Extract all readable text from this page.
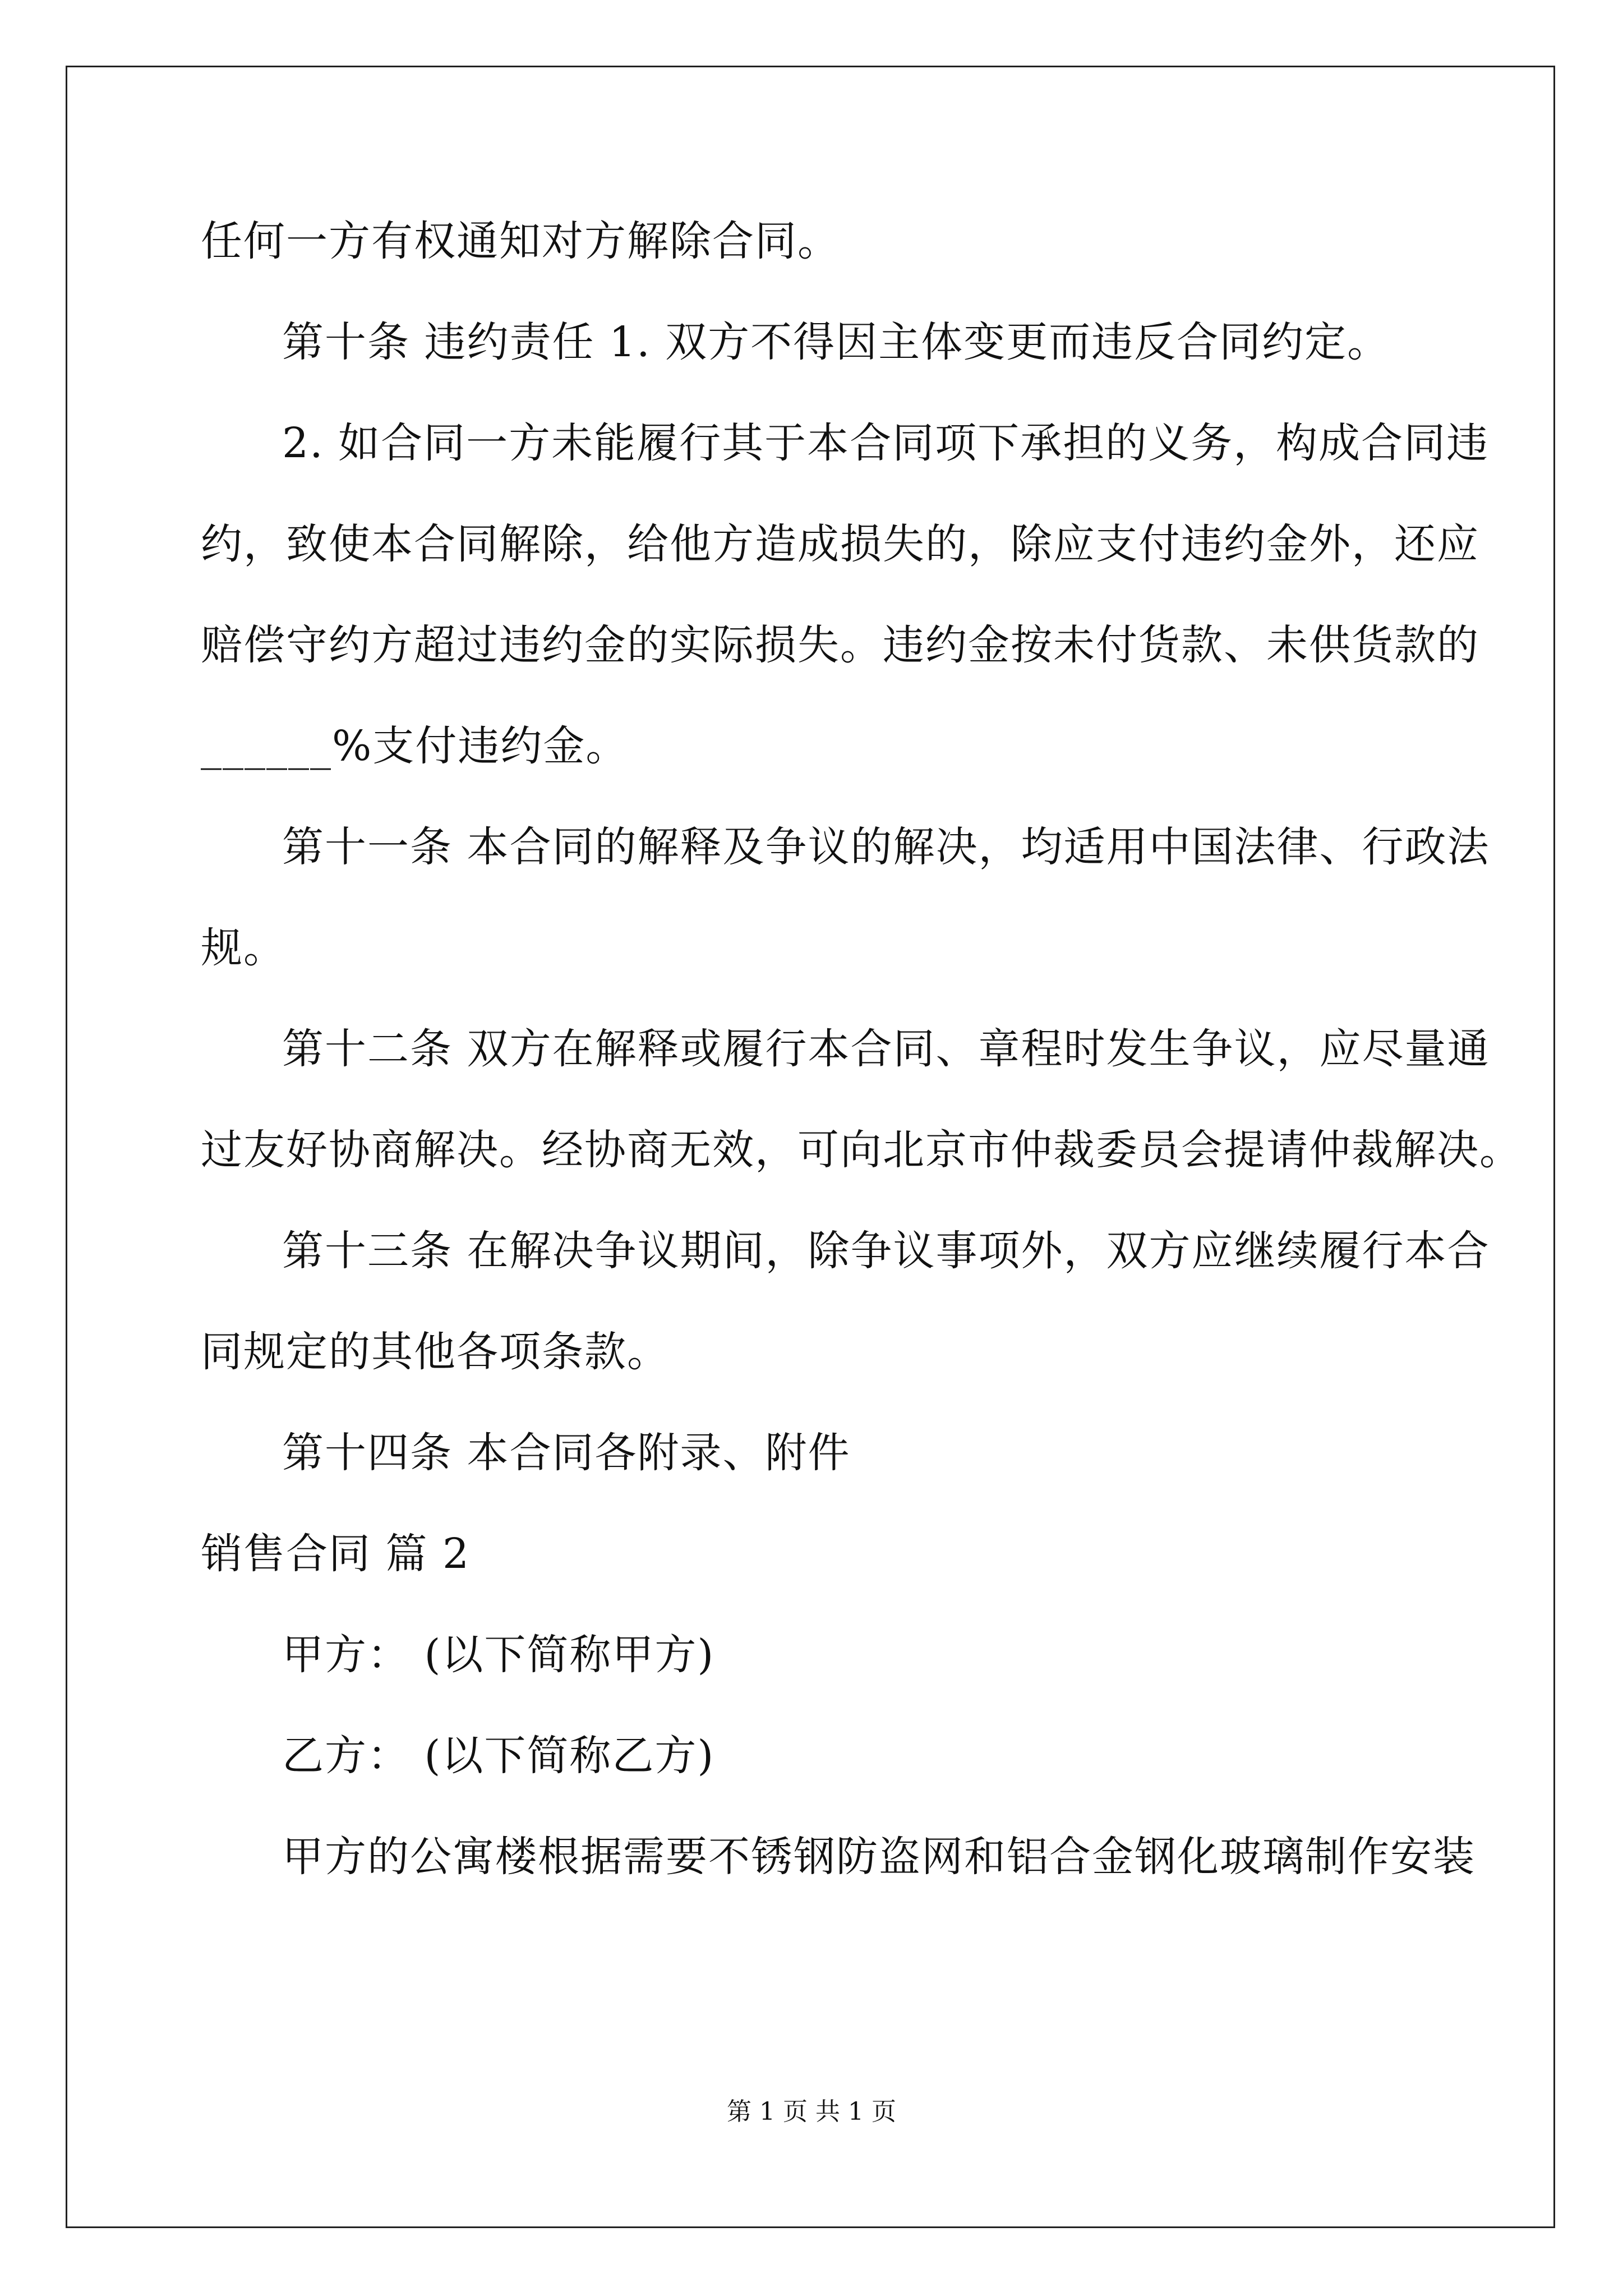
任何一方有权通知对方解除合同。

第十条 违约责任 1. 双方不得因主体变更而违反合同约定。

2. 如合同一方未能履行其于本合同项下承担的义务，构成合同违

约，致使本合同解除，给他方造成损失的，除应支付违约金外，还应

赔偿守约方超过违约金的实际损失。违约金按未付货款、未供货款的

______%支付违约金。

第十一条 本合同的解释及争议的解决，均适用中国法律、行政法

规。

第十二条 双方在解释或履行本合同、章程时发生争议，应尽量通

过友好协商解决。经协商无效，可向北京市仲裁委员会提请仲裁解决。

第十三条 在解决争议期间，除争议事项外，双方应继续履行本合

同规定的其他各项条款。

第十四条 本合同各附录、附件

销售合同 篇 2

甲方： (以下简称甲方)

乙方： (以下简称乙方)

甲方的公寓楼根据需要不锈钢防盗网和铝合金钢化玻璃制作安装

第 1 页 共 1 页
